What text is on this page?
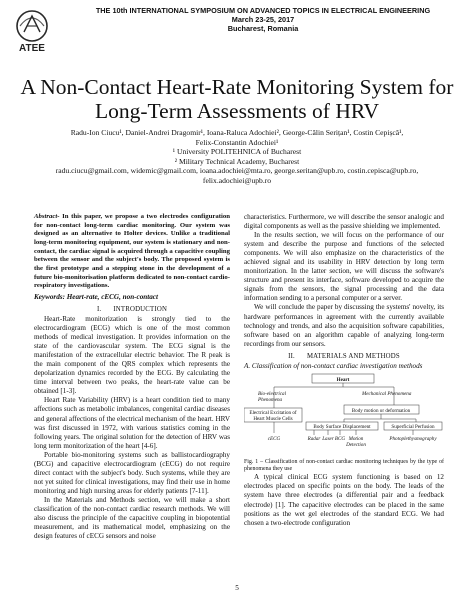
ATEE
THE 10th INTERNATIONAL SYMPOSIUM ON ADVANCED TOPICS IN ELECTRICAL ENGINEERING
March 23-25, 2017
Bucharest, Romania
A Non-Contact Heart-Rate Monitoring System for
Long-Term Assessments of HRV
Radu-Ion Ciucu¹, Daniel-Andrei Dragomir¹, Ioana-Raluca Adochiei², George-Călin Serițan¹, Costin Cepișcă¹,
Felix-Constantin Adochiei¹
¹ University POLITEHNICA of Bucharest
² Military Technical Academy, Bucharest
radu.ciucu@gmail.com, widemic@gmail.com, ioana.adochiei@mta.ro, george.seritan@upb.ro, costin.cepisca@upb.ro,
felix.adochiei@upb.ro

Abstract- In this paper, we propose a two electrodes configuration for non-contact long-term cardiac monitoring. Our system was designed as an alternative to Holter devices. Unlike a traditional long-term monitoring equipment, our system is stationary and non-contact, the cardiac signal is acquired through a capacitive coupling between the sensor and the subject's body. The proposed system is the first prototype and a stepping stone in the development of a future bio-monitorisation platform dedicated to non-contact cardio-respiratory investigations.

Keywords: Heart-rate, cECG, non-contact

I. INTRODUCTION

Heart-Rate monitorization is strongly tied to the electrocardiogram (ECG) which is one of the most common methods of medical investigation. It provides information on the state of the cardiovascular system. The ECG signal is the manifestation of the extracellular electric behavior. The R peak is the main component of the QRS complex which represents the depolarization dynamics recorded by the ECG. By calculating the time interval between two peaks, the heart-rate value can be obtained [1-3].

Heart Rate Variability (HRV) is a heart condition tied to many affections such as metabolic imbalances, congenital cardiac diseases and general affections of the electrical mechanism of the heart. HRV was first discussed in 1972, with various statistics coming in the following years. The original solution for the detection of HRV was long term monitorization of the heart [4-6].

Portable bio-monitoring systems such as ballistocardiography (BCG) and capacitive electrocardiogram (cECG) do not require direct contact with the subject's body. Such systems, while they are not yet suited for clinical investigations, may find their use in home monitoring and high nursing areas for elderly patients [7-11].

In the Materials and Methods section, we will make a short classification of the non-contact cardiac research methods. We will also discuss the principle of the capacitive coupling in biopotential measurement, and its mathematical model, emphasizing on the design features of cECG sensors and noise

characteristics. Furthermore, we will describe the sensor analogic and digital components as well as the passive shielding we implemented.

In the results section, we will focus on the performance of our system and describe the purpose and functions of the selected components. We will also emphasize on the characteristics of the achieved signal and its usability in HRV detection by long term monitorization. In the latter section, we will discuss the software's structure and present its interface, software developed to acquire the signals from the sensors, the signal processing and the data information sending to a personal computer or a server.

We will conclude the paper by discussing the systems' novelty, its hardware performances in agreement with the currently available technology and trends, and also the acquisition software capabilities, software based on an algorithm capable of analyzing long-term recordings from our sensors.

II. MATERIALS AND METHODS
A. Classification of non-contact cardiac investigation methods
Heart
Bio-electrical
Phenomena
Mechanical Phenomena
Electrical Excitation of
Heart Muscle Cells
Body motion or deformation
Body Surface Displacement	Superficial Perfusion
cECG	Radar Laser BCG Motion
Detection
Photoplethysmography

Fig. 1 – Classification of non-contact cardiac monitoring techniques by the type of phenomena they use

A typical clinical ECG system functioning is based on 12 electrodes placed on specific points on the body. The leads of the system have three electrodes (a differential pair and a feedback electrode) [1]. The capacitive electrodes can be placed in the same positions as the wet gel electrodes of the standard ECG. We had chosen a two-electrode configuration

5
